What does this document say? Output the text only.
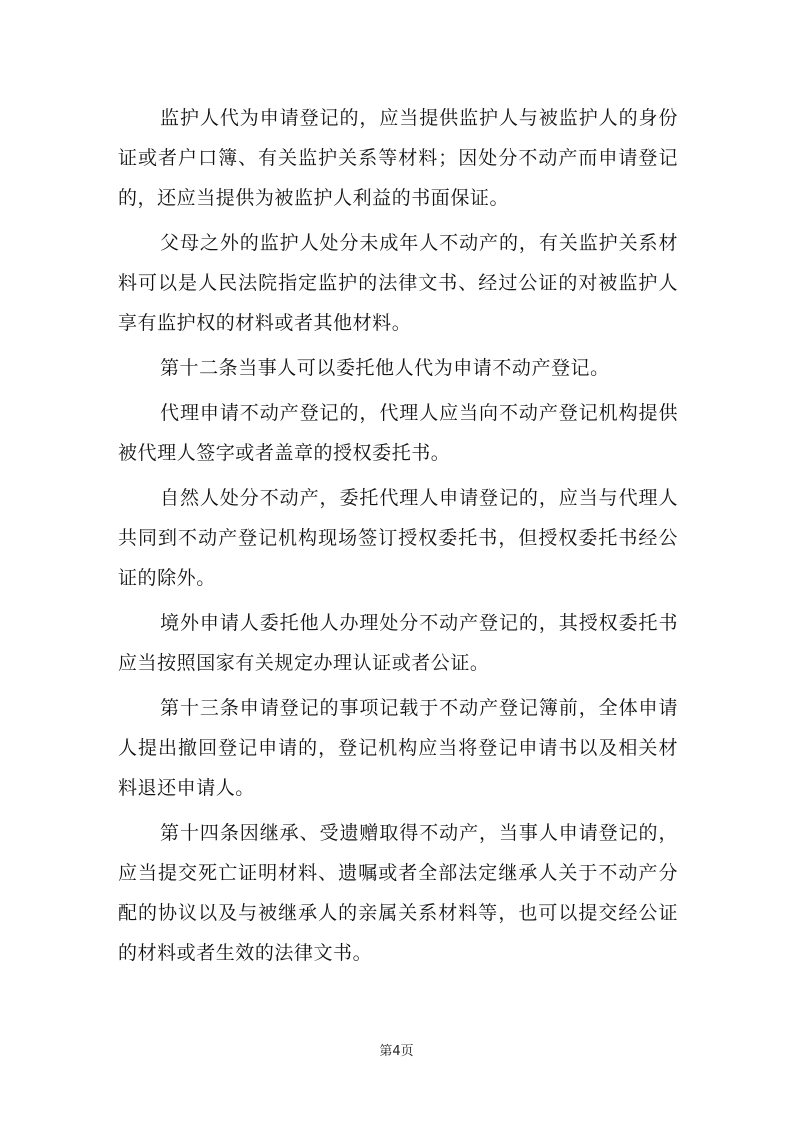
监护人代为申请登记的，应当提供监护人与被监护人的身份证或者户口簿、有关监护关系等材料；因处分不动产而申请登记的，还应当提供为被监护人利益的书面保证。

父母之外的监护人处分未成年人不动产的，有关监护关系材料可以是人民法院指定监护的法律文书、经过公证的对被监护人享有监护权的材料或者其他材料。

第十二条当事人可以委托他人代为申请不动产登记。

代理申请不动产登记的，代理人应当向不动产登记机构提供被代理人签字或者盖章的授权委托书。

自然人处分不动产，委托代理人申请登记的，应当与代理人共同到不动产登记机构现场签订授权委托书，但授权委托书经公证的除外。

境外申请人委托他人办理处分不动产登记的，其授权委托书应当按照国家有关规定办理认证或者公证。

第十三条申请登记的事项记载于不动产登记簿前，全体申请人提出撤回登记申请的，登记机构应当将登记申请书以及相关材料退还申请人。

第十四条因继承、受遗赠取得不动产，当事人申请登记的，应当提交死亡证明材料、遗嘱或者全部法定继承人关于不动产分配的协议以及与被继承人的亲属关系材料等，也可以提交经公证的材料或者生效的法律文书。

第4页
